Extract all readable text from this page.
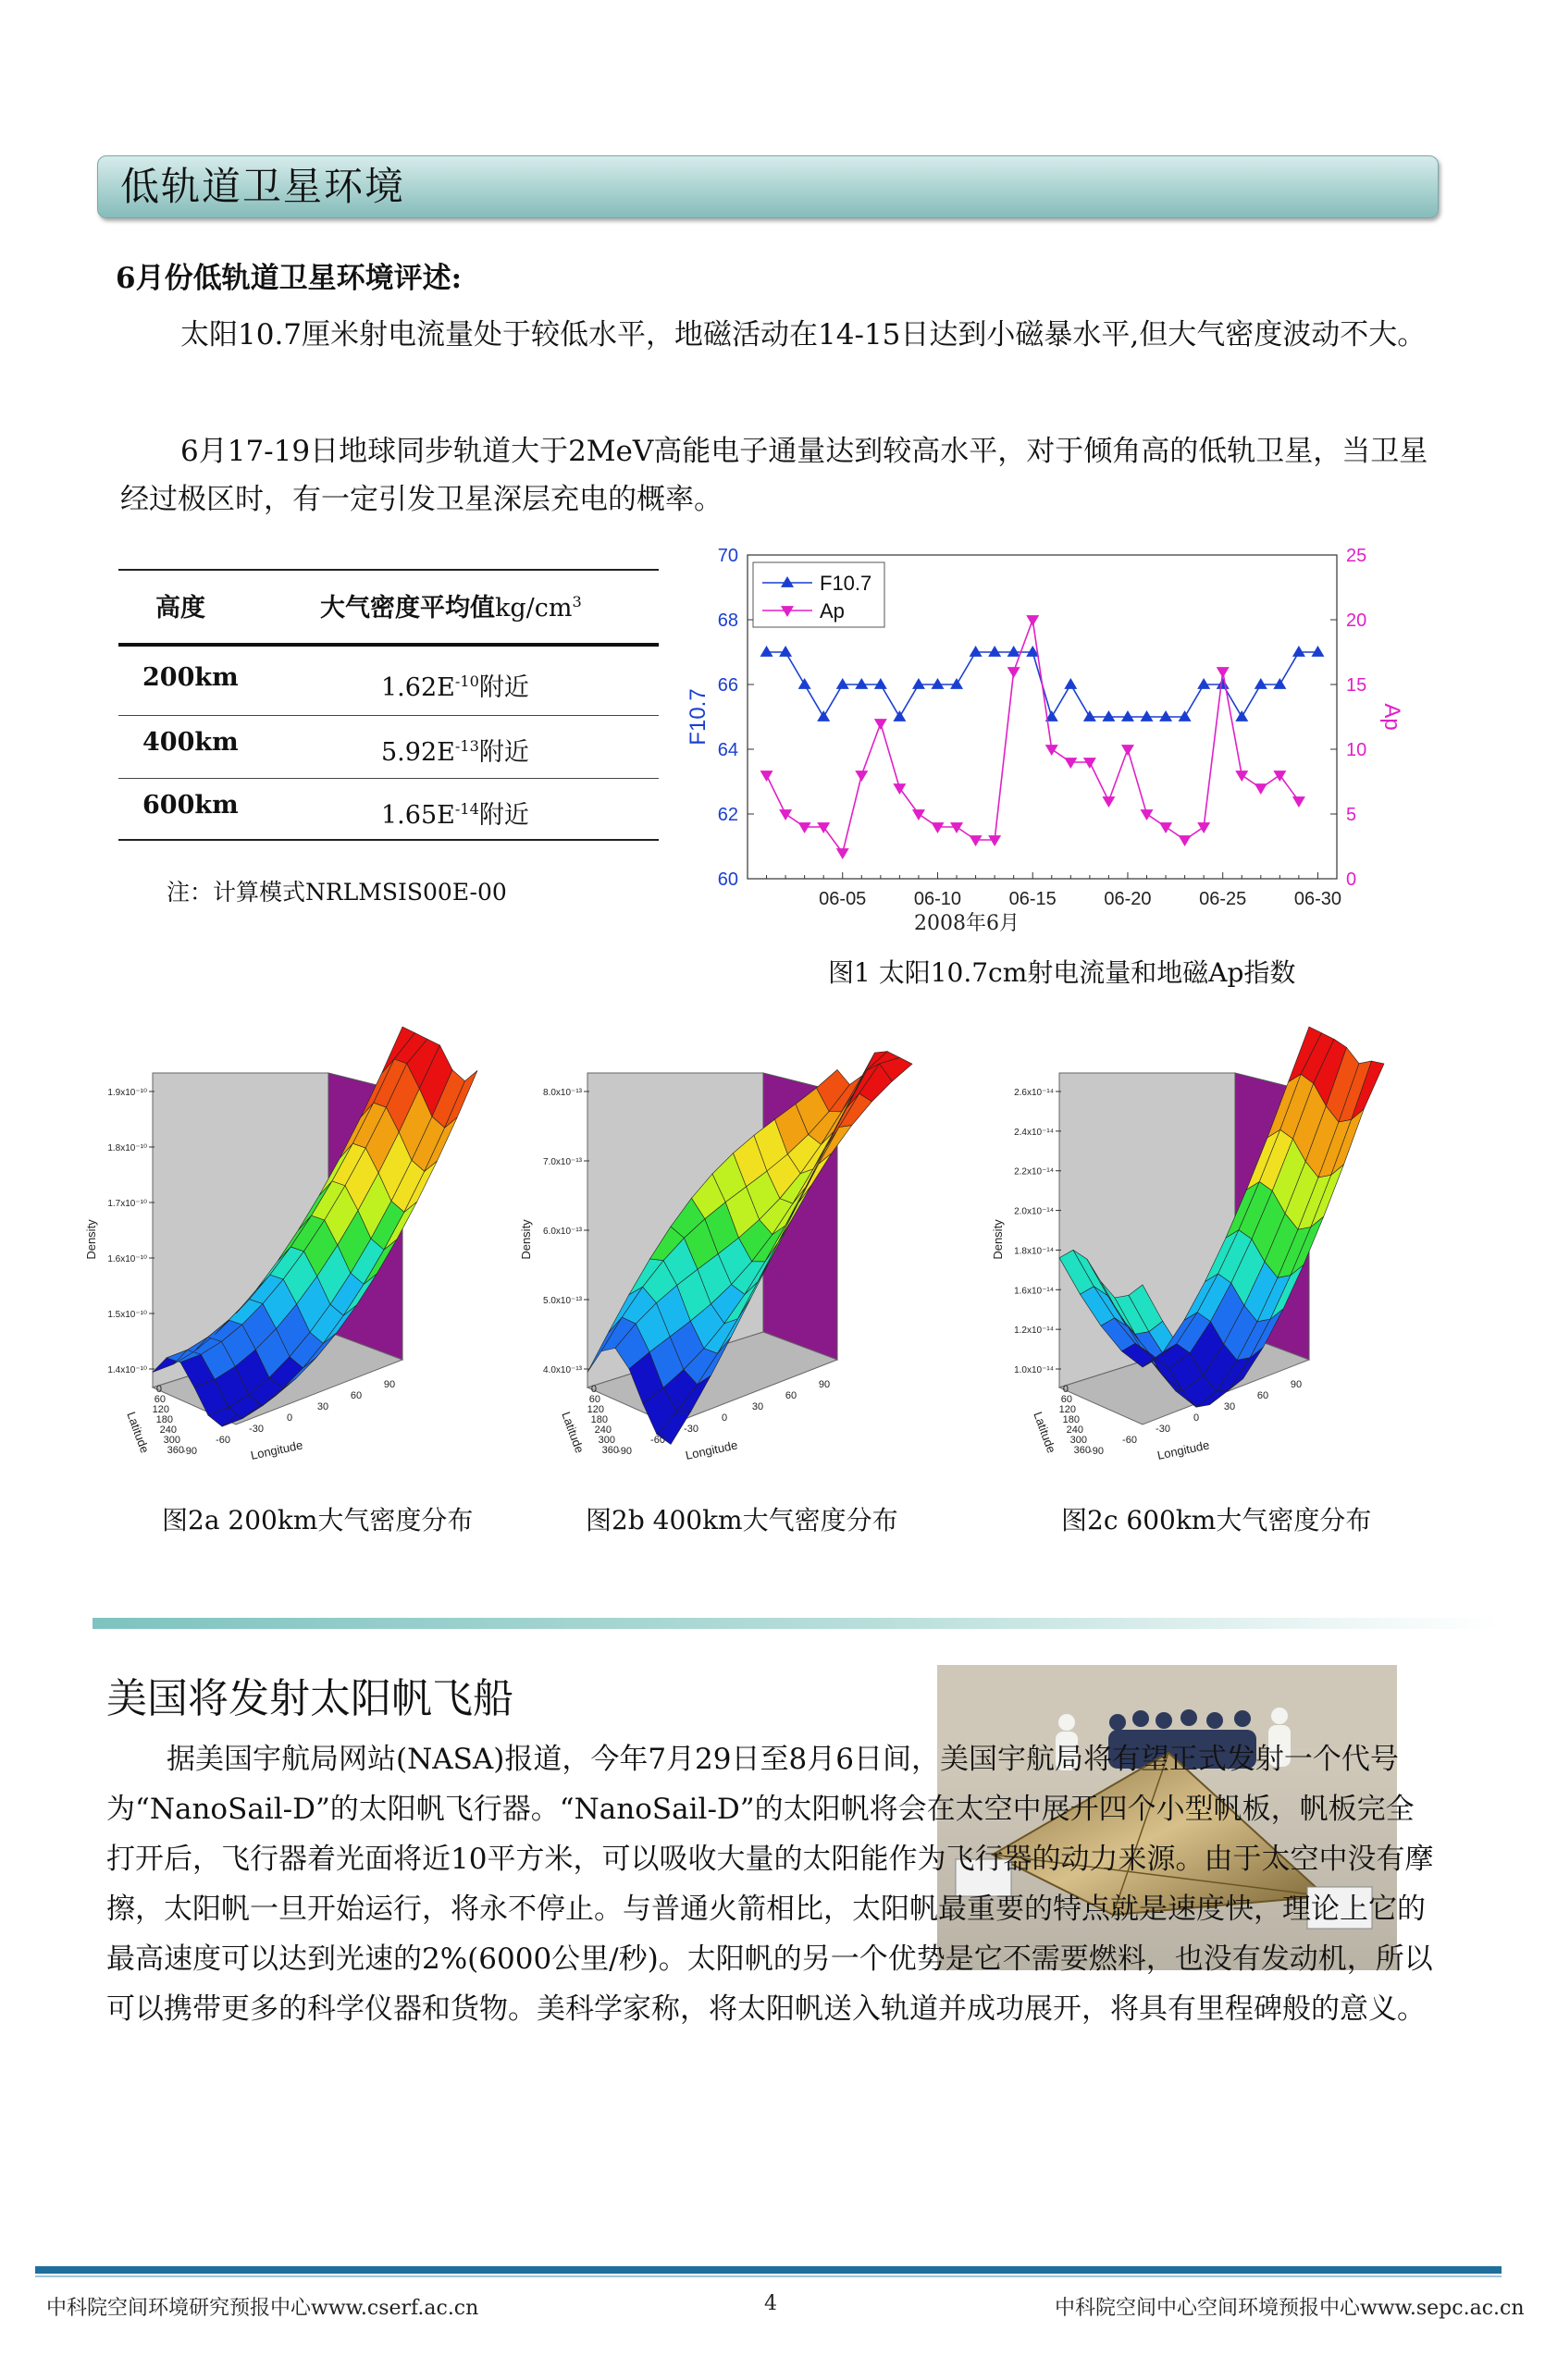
低轨道卫星环境
6月份低轨道卫星环境评述:
太阳10.7厘米射电流量处于较低水平，地磁活动在14-15日达到小磁暴水平,但大气密度波动不大。
6月17-19日地球同步轨道大于2MeV高能电子通量达到较高水平，对于倾角高的低轨卫星，当卫星经过极区时，有一定引发卫星深层充电的概率。
高度	大气密度平均值$kg/cm^3$
200km	$1.62E^{-10}$附近
400km	$5.92E^{-13}$附近
600km	$1.65E^{-14}$附近
注：计算模式NRLMSIS00E-00	60
62
64
66
68
70
0
5
10
15
20
25
06-05	06-10	06-15	06-20	06-25	06-30
2008年6月
F10.7	Ap
F10.7
Ap
图1 太阳10.7cm射电流量和地磁Ap指数
1.4x10⁻¹⁰
1.5x10⁻¹⁰
1.6x10⁻¹⁰
1.7x10⁻¹⁰
1.8x10⁻¹⁰
1.9x10⁻¹⁰
Density
Latitude
0
60
120
180
240
300
360
-90
-60
-30
0
30
60
90
Longitude
4.0x10⁻¹³
5.0x10⁻¹³
6.0x10⁻¹³
7.0x10⁻¹³
8.0x10⁻¹³
Density
Latitude
0
60
120
180
240
300
360
-90
-60
-30
0
30
60
90
Longitude
1.0x10⁻¹⁴
1.2x10⁻¹⁴
1.6x10⁻¹⁴
1.8x10⁻¹⁴
2.0x10⁻¹⁴
2.2x10⁻¹⁴
2.4x10⁻¹⁴
2.6x10⁻¹⁴
Density
Latitude
0
60
120
180
240
300
360
-90
-60
-30
0
30
60
90
Longitude
图2a 200km大气密度分布	图2b 400km大气密度分布	图2c 600km大气密度分布
美国将发射太阳帆飞船
据美国宇航局网站(NASA)报道，今年7月29日至8月6日间，美国宇航局将有望正式发射一个代号为“NanoSail-D”的太阳帆飞行器。“NanoSail-D”的太阳帆将会在太空中展开四个小型帆板，帆板完全打开后，飞行器着光面将近10平方米，可以吸收大量的太阳能作为飞行器的动力来源。由于太空中没有摩擦，太阳帆一旦开始运行，将永不停止。与普通火箭相比，太阳帆最重要的特点就是速度快，理论上它的最高速度可以达到光速的2%(6000公里/秒)。太阳帆的另一个优势是它不需要燃料，也没有发动机，所以可以携带更多的科学仪器和货物。美科学家称，将太阳帆送入轨道并成功展开，将具有里程碑般的意义。
中科院空间环境研究预报中心www.cserf.ac.cn	4	中科院空间中心空间环境预报中心www.sepc.ac.cn
